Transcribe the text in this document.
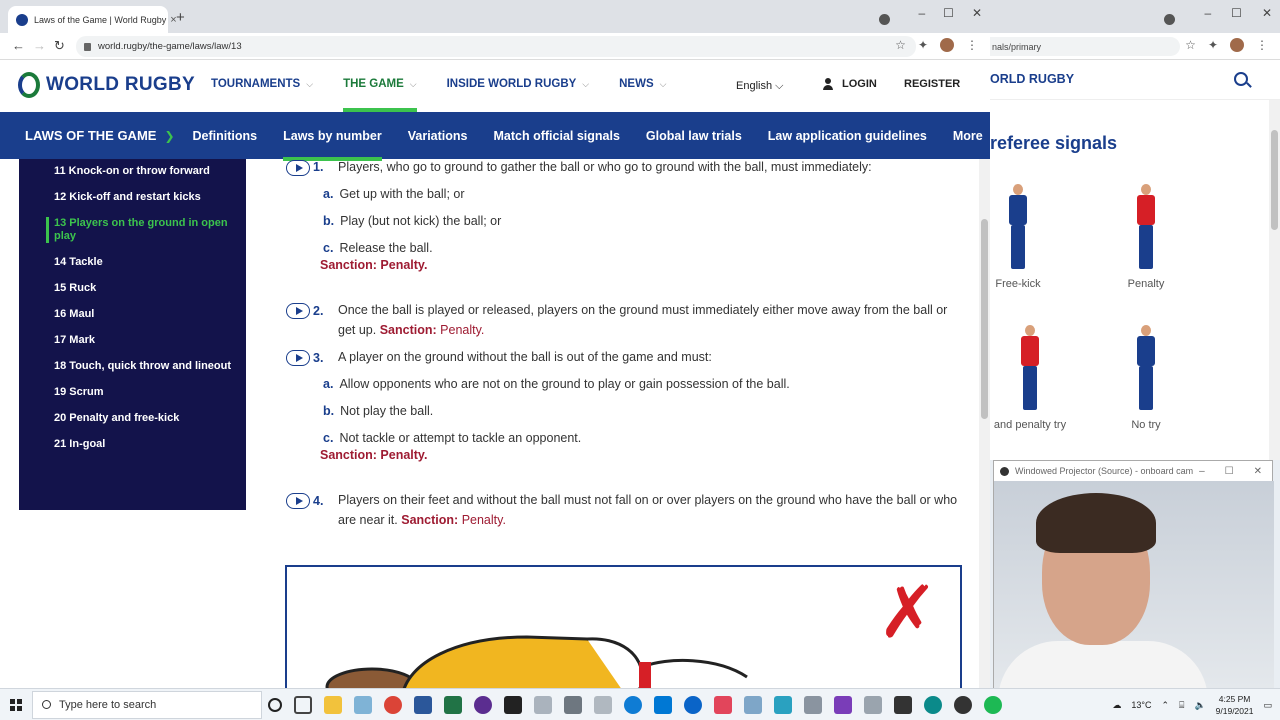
Laws of the Game | World Rugby × +	– ☐ ✕
← → ↻	world.rugby/the-game/laws/law/13	☆ ✦	⋮
WORLD RUGBY TOURNAMENTS ⌵	THE GAME ⌵	INSIDE WORLD RUGBY ⌵	NEWS ⌵	English ⌵	LOGIN REGISTER
LAWS OF THE GAME ❯ Definitions Laws by number Variations Match official signals Global law trials Law application guidelines More
11 Knock-on or throw forward
12 Kick-off and restart kicks
13 Players on the ground in open play
14 Tackle
15 Ruck
16 Maul
17 Mark
18 Touch, quick throw and lineout
19 Scrum
20 Penalty and free-kick
21 In-goal
1. Players, who go to ground to gather the ball or who go to ground with the ball, must immediately:
a. Get up with the ball; or
b. Play (but not kick) the ball; or
c. Release the ball.
Sanction: Penalty.
2. Once the ball is played or released, players on the ground must immediately either move away from the ball or get up. Sanction: Penalty.
3. A player on the ground without the ball is out of the game and must:
a. Allow opponents who are not on the ground to play or gain possession of the ball.
b. Not play the ball.
c. Not tackle or attempt to tackle an opponent.
Sanction: Penalty.
4. Players on their feet and without the ball must not fall on or over players on the ground who have the ball or who are near it. Sanction: Penalty.
✗
– ☐ ✕
nals/primary	☆ ✦	⋮
ORLD RUGBY
referee signals
Free-kick	Penalty
and penalty try	No try
Windowed Projector (Source) - onboard cam – ☐ ✕
Type here to search	☁ 13°C ⌃ ⌸ 🔈
4:25 PM
9/19/2021
▭
